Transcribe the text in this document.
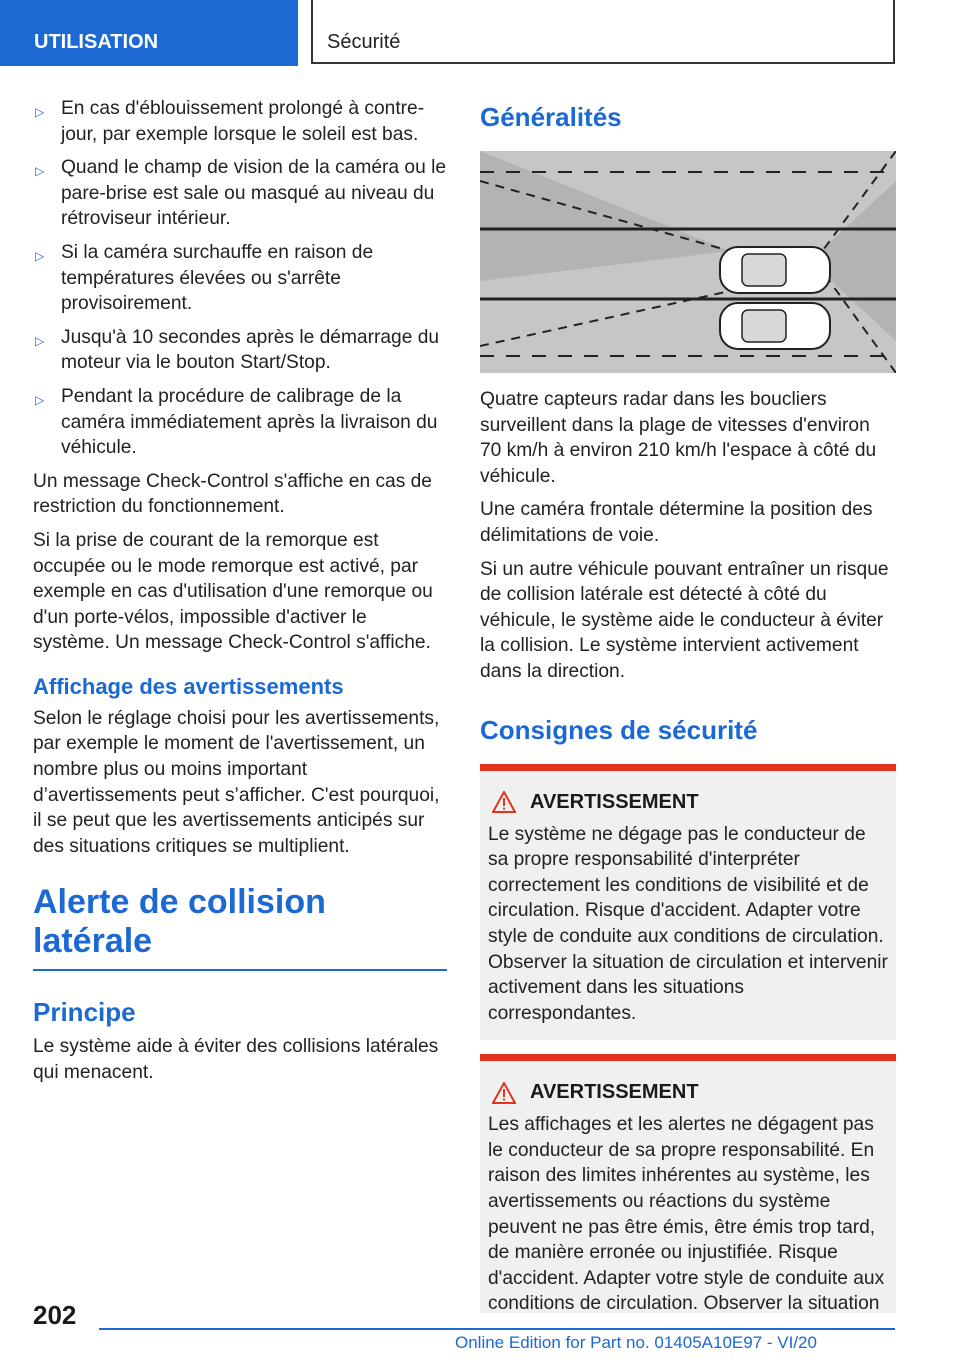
UTILISATION	Sécurité
▷ En cas d'éblouissement prolongé à contre-jour, par exemple lorsque le soleil est bas.
▷ Quand le champ de vision de la caméra ou le pare-brise est sale ou masqué au niveau du rétroviseur intérieur.
▷ Si la caméra surchauffe en raison de températures élevées ou s'arrête provisoirement.
▷ Jusqu'à 10 secondes après le démarrage du moteur via le bouton Start/Stop.
▷ Pendant la procédure de calibrage de la caméra immédiatement après la livraison du véhicule.

Un message Check-Control s'affiche en cas de restriction du fonctionnement.

Si la prise de courant de la remorque est occupée ou le mode remorque est activé, par exemple en cas d'utilisation d'une remorque ou d'un porte-vélos, impossible d'activer le système. Un message Check-Control s'affiche.

Affichage des avertissements

Selon le réglage choisi pour les avertissements, par exemple le moment de l'avertissement, un nombre plus ou moins important d’avertissements peut s’afficher. C'est pourquoi, il se peut que les avertissements anticipés sur des situations critiques se multiplient.

Alerte de collision latérale
Principe

Le système aide à éviter des collisions latérales qui menacent.

Généralités

Quatre capteurs radar dans les boucliers surveillent dans la plage de vitesses d'environ 70 km/h à environ 210 km/h l'espace à côté du véhicule.

Une caméra frontale détermine la position des délimitations de voie.

Si un autre véhicule pouvant entraîner un risque de collision latérale est détecté à côté du véhicule, le système aide le conducteur à éviter la collision. Le système intervient activement dans la direction.

Consignes de sécurité
AVERTISSEMENT

Le système ne dégage pas le conducteur de sa propre responsabilité d'interpréter correctement les conditions de visibilité et de circulation. Risque d'accident. Adapter votre style de conduite aux conditions de circulation. Observer la situation de circulation et intervenir activement dans les situations correspondantes.

AVERTISSEMENT

Les affichages et les alertes ne dégagent pas le conducteur de sa propre responsabilité. En raison des limites inhérentes au système, les avertissements ou réactions du système peuvent ne pas être émis, être émis trop tard, de manière erronée ou injustifiée. Risque d'accident. Adapter votre style de conduite aux conditions de circulation. Observer la situation

202
Online Edition for Part no. 01405A10E97 - VI/20
